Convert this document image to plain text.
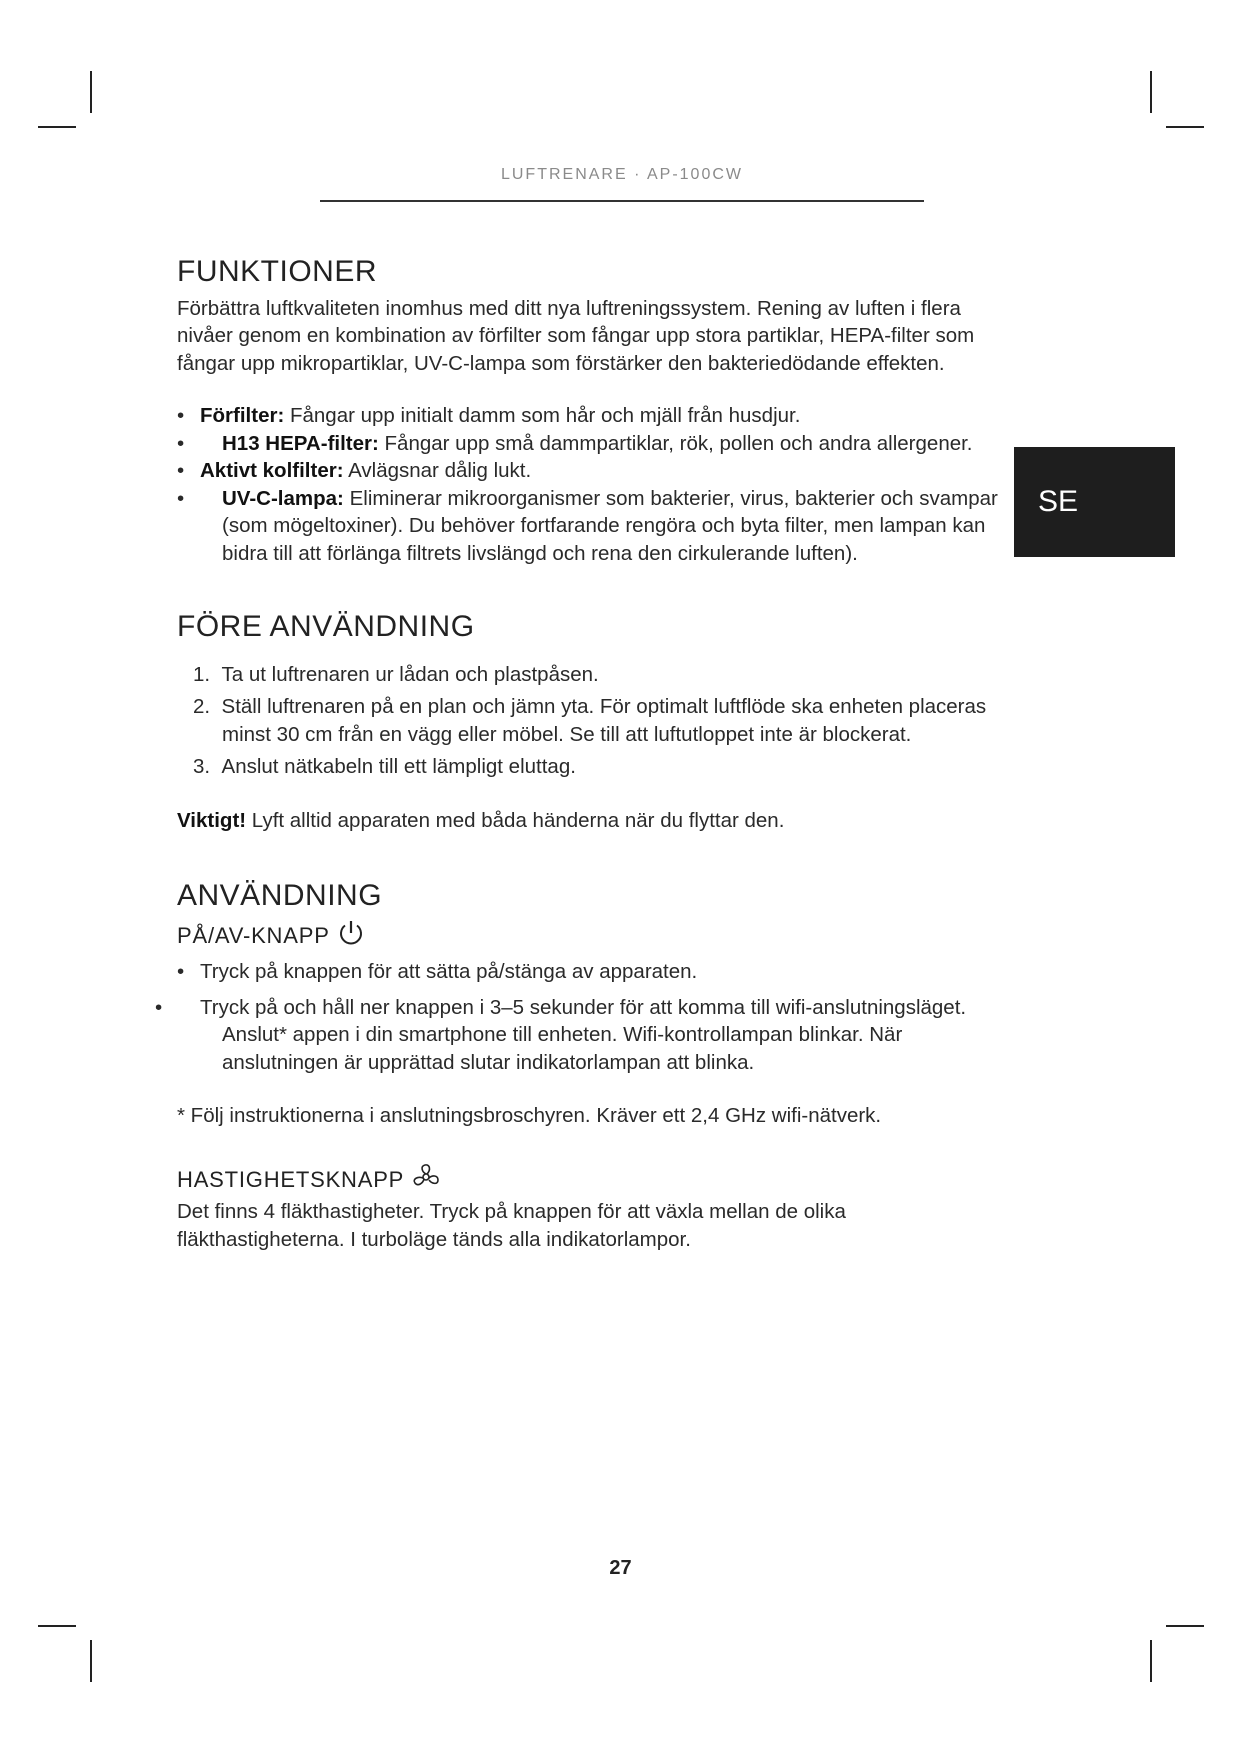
LUFTRENARE · AP-100CW
SE
FUNKTIONER

Förbättra luftkvaliteten inomhus med ditt nya luftreningssystem. Rening av luften i flera nivåer genom en kombination av förfilter som fångar upp stora partiklar, HEPA-filter som fångar upp mikropartiklar, UV-C-lampa som förstärker den bakteriedödande effekten.

• Förfilter: Fångar upp initialt damm som hår och mjäll från husdjur.
• H13 HEPA-filter: Fångar upp små dammpartiklar, rök, pollen och andra allergener.
• Aktivt kolfilter: Avlägsnar dålig lukt.
• UV-C-lampa: Eliminerar mikroorganismer som bakterier, virus, bakterier och svampar (som mögeltoxiner). Du behöver fortfarande rengöra och byta filter, men lampan kan bidra till att förlänga filtrets livslängd och rena den cirkulerande luften).
FÖRE ANVÄNDNING
1. Ta ut luftrenaren ur lådan och plastpåsen.
2. Ställ luftrenaren på en plan och jämn yta. För optimalt luftflöde ska enheten placeras minst 30 cm från en vägg eller möbel. Se till att luftutloppet inte är blockerat.
3. Anslut nätkabeln till ett lämpligt eluttag.

Viktigt! Lyft alltid apparaten med båda händerna när du flyttar den.

ANVÄNDNING
PÅ/AV-KNAPP
• Tryck på knappen för att sätta på/stänga av apparaten.
• Tryck på och håll ner knappen i 3–5 sekunder för att komma till wifi-anslutningsläget. Anslut* appen i din smartphone till enheten. Wifi-kontrollampan blinkar. När anslutningen är upprättad slutar indikatorlampan att blinka.

* Följ instruktionerna i anslutningsbroschyren. Kräver ett 2,4 GHz wifi-nätverk.

HASTIGHETSKNAPP

Det finns 4 fläkthastigheter. Tryck på knappen för att växla mellan de olika fläkthastigheterna. I turboläge tänds alla indikatorlampor.

27
